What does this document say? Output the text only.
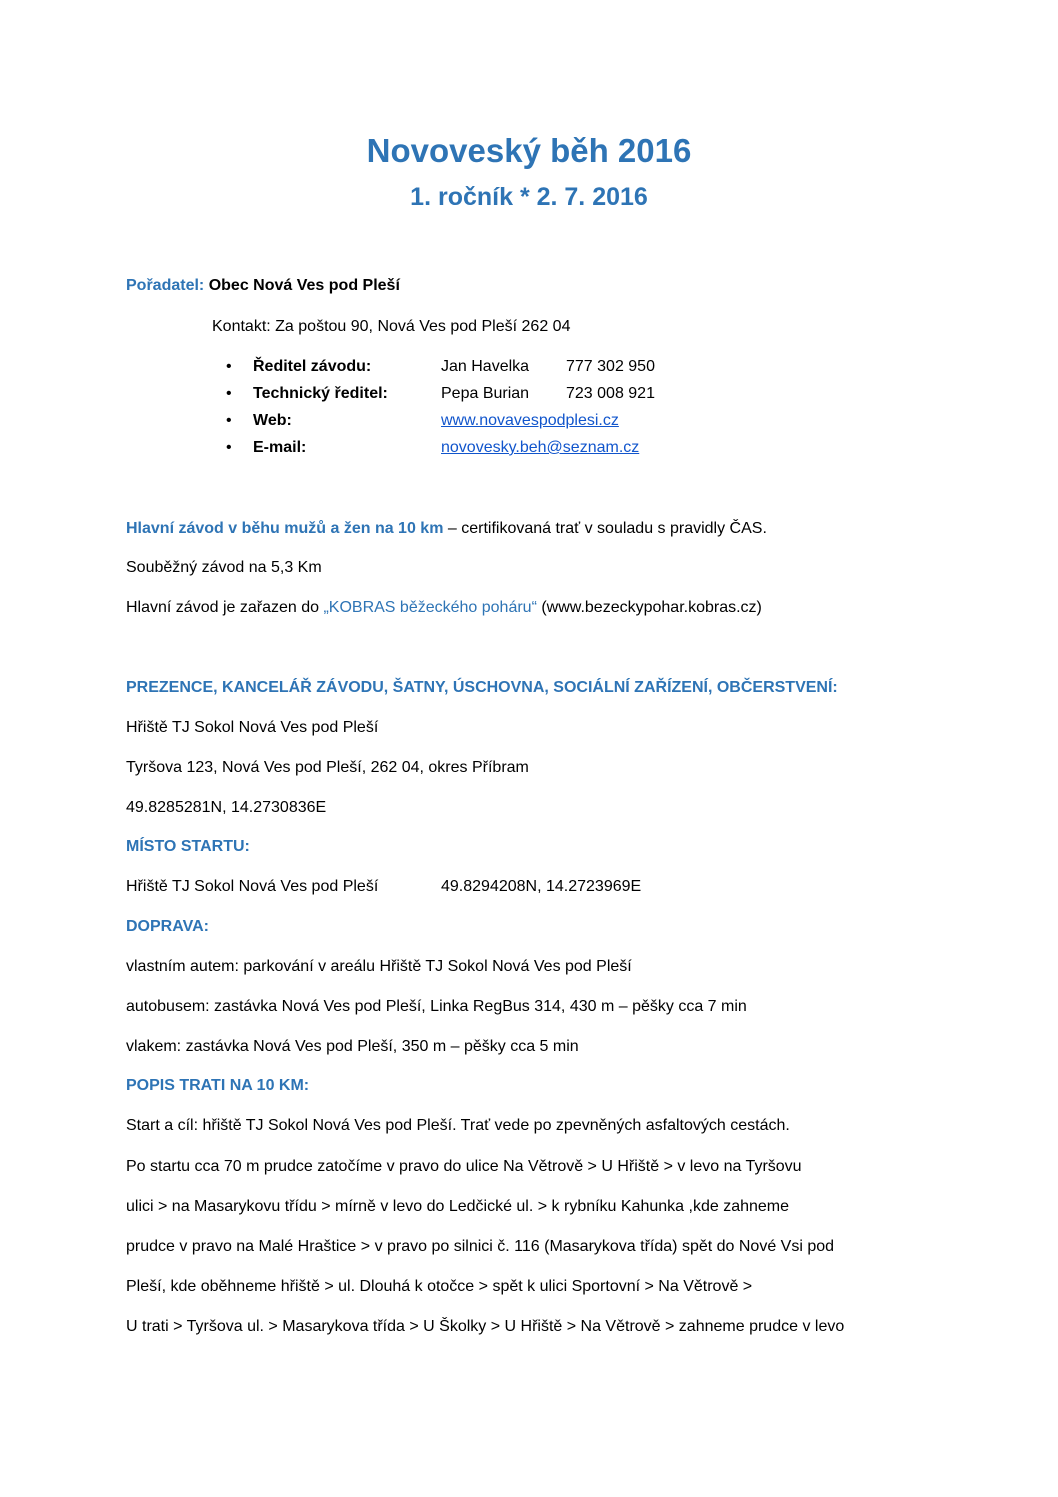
Novoveský běh 2016
1. ročník * 2. 7. 2016
Pořadatel: Obec Nová Ves pod Pleší
Kontakt: Za poštou 90, Nová Ves pod Pleší 262 04
• Ředitel závodu:	Jan Havelka 777 302 950
• Technický ředitel:	Pepa Burian 723 008 921
• Web:	www.novavespodplesi.cz
• E-mail:	novovesky.beh@seznam.cz
Hlavní závod v běhu mužů a žen na 10 km – certifikovaná trať v souladu s pravidly ČAS.
Souběžný závod na 5,3 Km
Hlavní závod je zařazen do „KOBRAS běžeckého poháru“ (www.bezeckypohar.kobras.cz)
PREZENCE, KANCELÁŘ ZÁVODU, ŠATNY, ÚSCHOVNA, SOCIÁLNÍ ZAŘÍZENÍ, OBČERSTVENÍ:
Hřiště TJ Sokol Nová Ves pod Pleší
Tyršova 123, Nová Ves pod Pleší, 262 04, okres Příbram
49.8285281N, 14.2730836E
MÍSTO STARTU:
Hřiště TJ Sokol Nová Ves pod Pleší	49.8294208N, 14.2723969E
DOPRAVA:
vlastním autem: parkování v areálu Hřiště TJ Sokol Nová Ves pod Pleší
autobusem: zastávka Nová Ves pod Pleší, Linka RegBus 314, 430 m – pěšky cca 7 min
vlakem: zastávka Nová Ves pod Pleší, 350 m – pěšky cca 5 min
POPIS TRATI NA 10 KM:
Start a cíl: hřiště TJ Sokol Nová Ves pod Pleší. Trať vede po zpevněných asfaltových cestách.
Po startu cca 70 m prudce zatočíme v pravo do ulice Na Větrově > U Hřiště > v levo na Tyršovu
ulici > na Masarykovu třídu > mírně v levo do Ledčické ul. > k rybníku Kahunka ,kde zahneme
prudce v pravo na Malé Hraštice > v pravo po silnici č. 116 (Masarykova třída) spět do Nové Vsi pod
Pleší, kde oběhneme hřiště > ul. Dlouhá k otočce > spět k ulici Sportovní > Na Větrově >
U trati > Tyršova ul. > Masarykova třída > U Školky > U Hřiště > Na Větrově > zahneme prudce v levo
